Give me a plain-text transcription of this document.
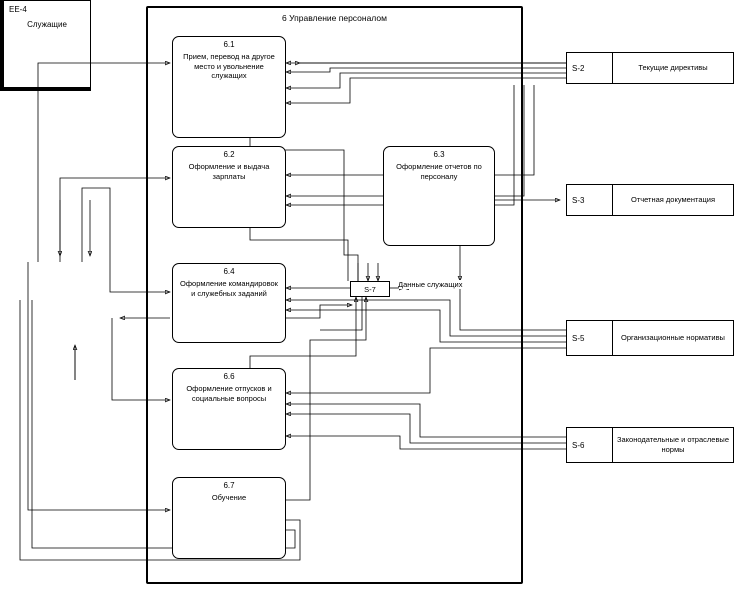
6 Управление персоналом
6.1
Прием, перевод на другое место и увольнение служащих
6.2
Оформление и выдача зарплаты
6.3
Оформление отчетов по персоналу
6.4
Оформление командировок и служебных заданий
6.6
Оформление отпусков и социальные вопросы
6.7
Обучение
S-7	Данные служащих
EE-4
Служащие
S-2	Текущие директивы
S-3	Отчетная документация
S-5	Организационные нормативы
S-6
Законодательные и отраслевые нормы
